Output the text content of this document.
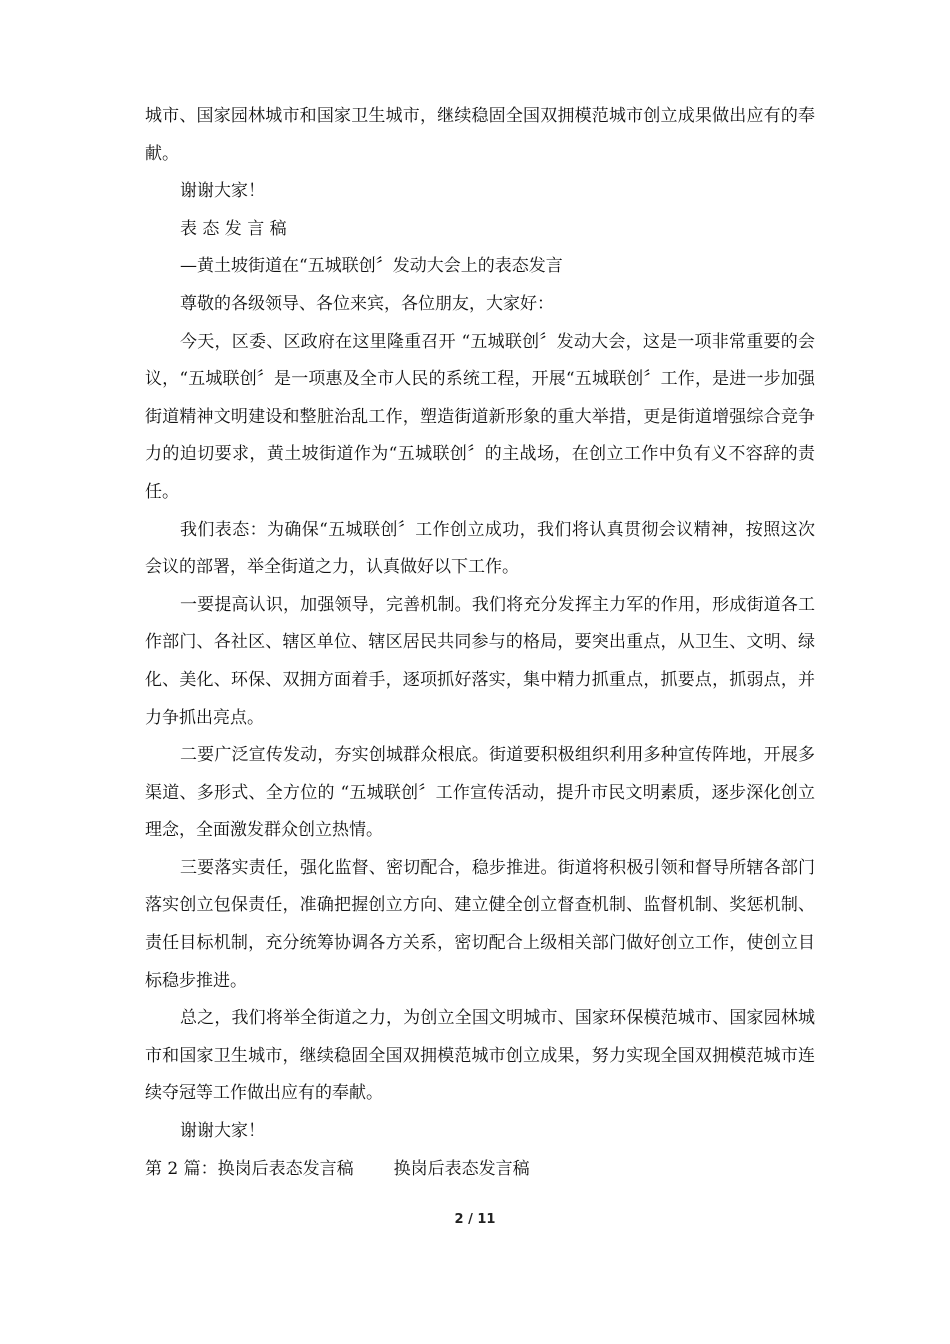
城市、国家园林城市和国家卫生城市，继续稳固全国双拥模范城市创立成果做出应有的奉献。

谢谢大家！

表 态 发 言 稿

—黄土坡街道在“五城联创〞发动大会上的表态发言

尊敬的各级领导、各位来宾，各位朋友，大家好：

今天，区委、区政府在这里隆重召开 “五城联创〞发动大会，这是一项非常重要的会议，“五城联创〞是一项惠及全市人民的系统工程，开展“五城联创〞工作，是进一步加强街道精神文明建设和整脏治乱工作，塑造街道新形象的重大举措，更是街道增强综合竞争力的迫切要求，黄土坡街道作为“五城联创〞的主战场，在创立工作中负有义不容辞的责任。

我们表态：为确保“五城联创〞工作创立成功，我们将认真贯彻会议精神，按照这次会议的部署，举全街道之力，认真做好以下工作。

一要提高认识，加强领导，完善机制。我们将充分发挥主力军的作用，形成街道各工作部门、各社区、辖区单位、辖区居民共同参与的格局，要突出重点，从卫生、文明、绿化、美化、环保、双拥方面着手，逐项抓好落实，集中精力抓重点，抓要点，抓弱点，并力争抓出亮点。

二要广泛宣传发动，夯实创城群众根底。街道要积极组织利用多种宣传阵地，开展多渠道、多形式、全方位的 “五城联创〞工作宣传活动，提升市民文明素质，逐步深化创立理念，全面激发群众创立热情。

三要落实责任，强化监督、密切配合，稳步推进。街道将积极引领和督导所辖各部门落实创立包保责任，准确把握创立方向、建立健全创立督查机制、监督机制、奖惩机制、责任目标机制，充分统筹协调各方关系，密切配合上级相关部门做好创立工作，使创立目标稳步推进。

总之，我们将举全街道之力，为创立全国文明城市、国家环保模范城市、国家园林城市和国家卫生城市，继续稳固全国双拥模范城市创立成果，努力实现全国双拥模范城市连续夺冠等工作做出应有的奉献。

谢谢大家！

第 2 篇：换岗后表态发言稿 换岗后表态发言稿

2 / 11
